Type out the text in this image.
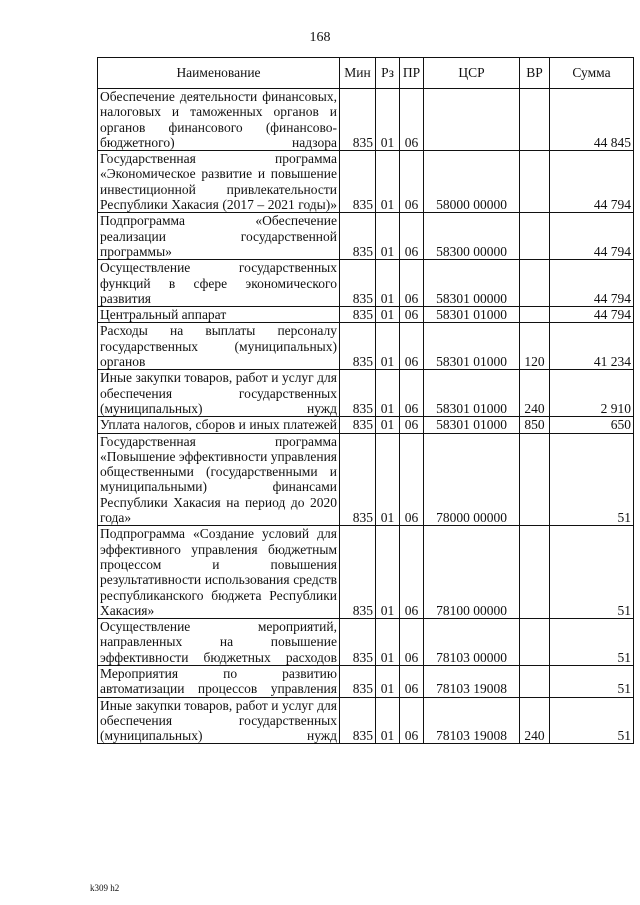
168
Наименование	Мин	Рз	ПР	ЦСР	ВР	Сумма
Обеспечение деятельности финансовых, налоговых и таможенных органов и органов финансового (финансово-бюджетного) надзора	835	01	06			44 845
Государственная программа «Экономическое развитие и повышение инвестиционной привлекательности Республики Хакасия (2017 – 2021 годы)»	835	01	06	58000 00000		44 794
Подпрограмма «Обеспечение реализации государственной программы»	835	01	06	58300 00000		44 794
Осуществление государственных функций в сфере экономического развития	835	01	06	58301 00000		44 794
Центральный аппарат	835	01	06	58301 01000		44 794
Расходы на выплаты персоналу государственных (муниципальных) органов	835	01	06	58301 01000	120	41 234
Иные закупки товаров, работ и услуг для обеспечения государственных (муниципальных) нужд	835	01	06	58301 01000	240	2 910
Уплата налогов, сборов и иных платежей	835	01	06	58301 01000	850	650
Государственная программа «Повышение эффективности управления общественными (государственными и муниципальными) финансами Республики Хакасия на период до 2020 года»	835	01	06	78000 00000		51
Подпрограмма «Создание условий для эффективного управления бюджетным процессом и повышения результативности использования средств республиканского бюджета Республики Хакасия»	835	01	06	78100 00000		51
Осуществление мероприятий, направленных на повышение эффективности бюджетных расходов	835	01	06	78103 00000		51
Мероприятия по развитию автоматизации процессов управления	835	01	06	78103 19008		51
Иные закупки товаров, работ и услуг для обеспечения государственных (муниципальных) нужд	835	01	06	78103 19008	240	51
k309 h2
